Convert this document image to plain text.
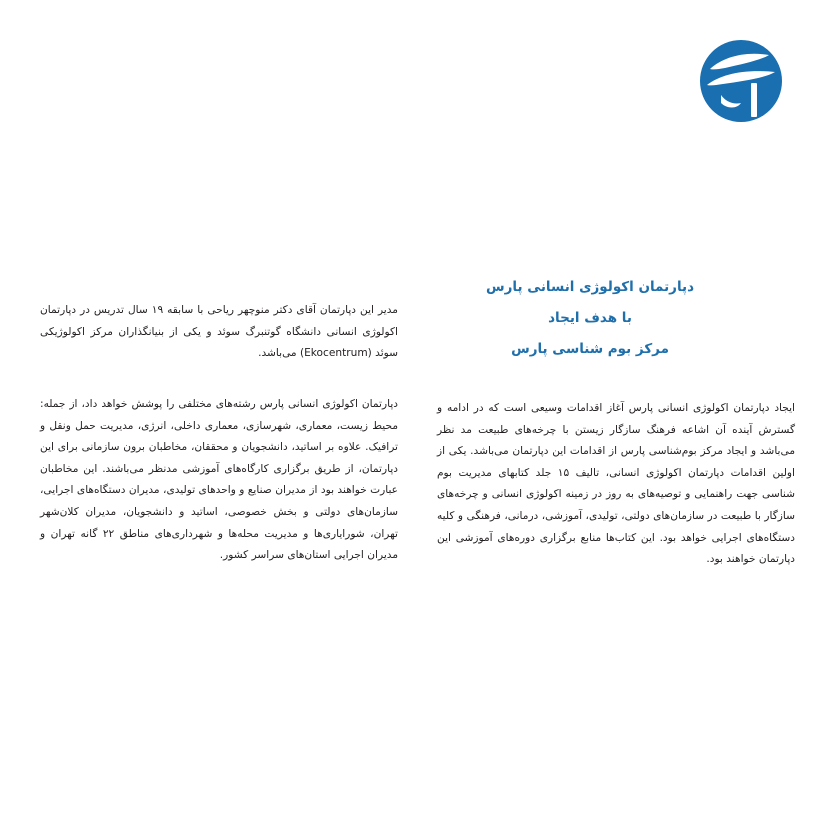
دپارتمان اکولوژی انسانی پارس
با هدف ایجاد
مرکز بوم شناسی پارس

ایجاد دپارتمان اکولوژی انسانی پارس آغاز اقدامات وسیعی است که در ادامه و گسترش آینده آن اشاعه فرهنگ سازگار زیستن با چرخه‌های طبیعت مد نظر می‌باشد و ایجاد مرکز بوم‌شناسی پارس از اقدامات این دپارتمان می‌باشد. یکی از اولین اقدامات دپارتمان اکولوژی انسانی، تالیف ۱۵ جلد کتابهای مدیریت بوم شناسی جهت راهنمایی و توصیه‌های به روز در زمینه اکولوژی انسانی و چرخه‌های سازگار با طبیعت در سازمان‌های دولتی، تولیدی، آموزشی، درمانی، فرهنگی و کلیه دستگاه‌های اجرایی خواهد بود. این کتاب‌ها منابع برگزاری دوره‌های آموزشی این دپارتمان خواهند بود.

مدیر این دپارتمان آقای دکتر منوچهر ریاحی با سابقه ۱۹ سال تدریس در دپارتمان اکولوژی انسانی دانشگاه گوتنبرگ سوئد و یکی از بنیانگذاران مرکز اکولوژیکی سوئد (Ekocentrum) می‌باشد.

دپارتمان اکولوژی انسانی پارس رشته‌های مختلفی را پوشش خواهد داد، از جمله: محیط زیست، معماری، شهرسازی، معماری داخلی، انرژی، مدیریت حمل ونقل و ترافیک. علاوه بر اساتید، دانشجویان و محققان، مخاطبان برون سازمانی برای این دپارتمان، از طریق برگزاری کارگاه‌های آموزشی مدنظر می‌باشند. این مخاطبان عبارت خواهند بود از مدیران صنایع و واحدهای تولیدی، مدیران دستگاه‌های اجرایی، سازمان‌های دولتی و بخش خصوصی، اساتید و دانشجویان، مدیران کلان‌شهر تهران، شورایاری‌ها و مدیریت محله‌ها و شهرداری‌های مناطق ۲۲ گانه تهران و مدیران اجرایی استان‌های سراسر کشور.
